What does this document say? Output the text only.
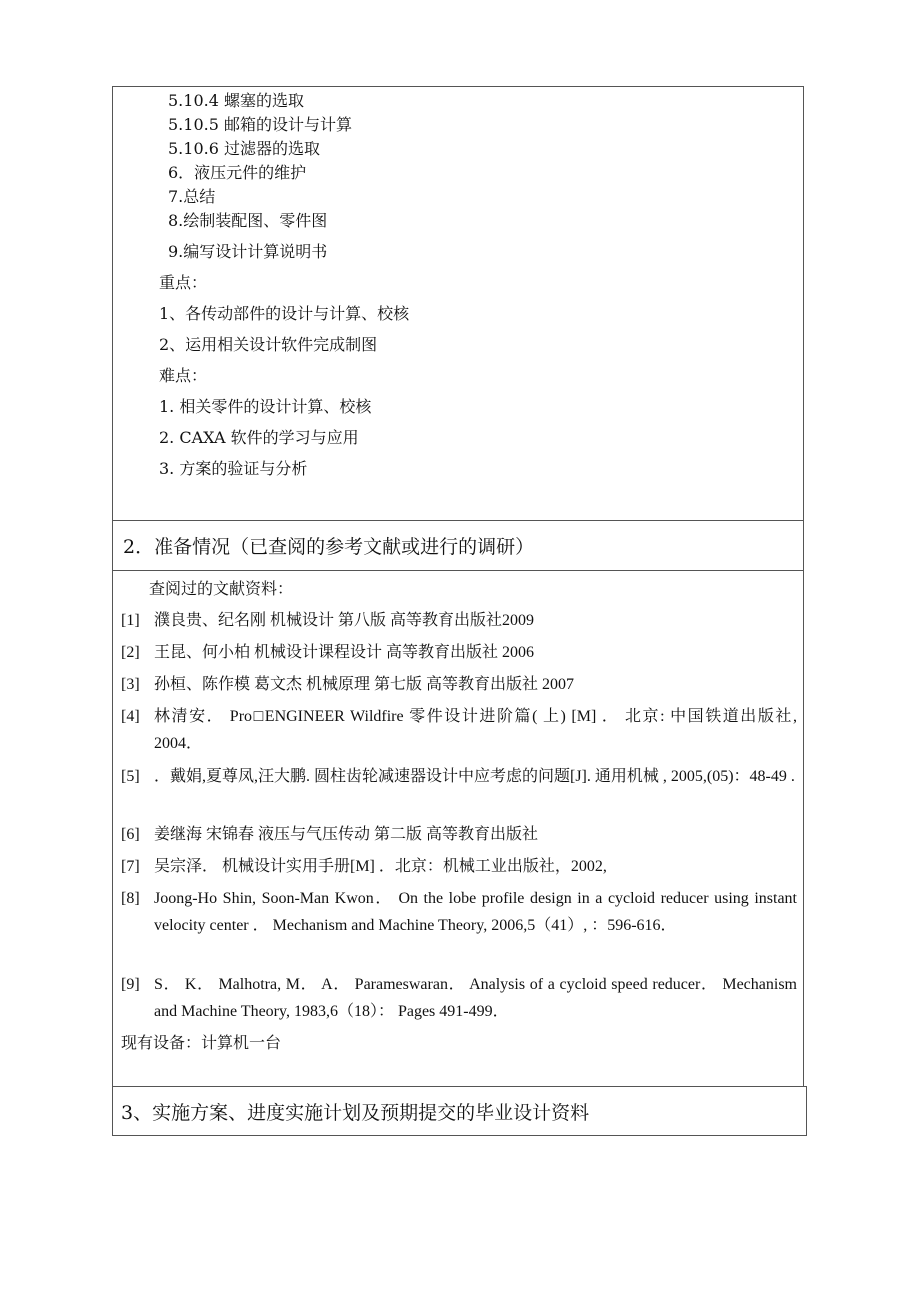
5.10.4 螺塞的选取
5.10.5 邮箱的设计与计算
5.10.6 过滤器的选取
6．液压元件的维护
7.总结
8.绘制装配图、零件图
9.编写设计计算说明书
重点：
1、各传动部件的设计与计算、校核
2、运用相关设计软件完成制图
难点：
1. 相关零件的设计计算、校核
2. CAXA 软件的学习与应用
3. 方案的验证与分析
2．准备情况（已查阅的参考文献或进行的调研）
查阅过的文献资料：
[1] 濮良贵、纪名刚 机械设计 第八版 高等教育出版社2009
[2] 王昆、何小柏 机械设计课程设计 高等教育出版社 2006
[3] 孙桓、陈作模 葛文杰 机械原理 第七版 高等教育出版社 2007
[4] 林清安． Pro□ENGINEER Wildfire 零件设计进阶篇( 上) [M] ． 北京: 中国铁道出版社, 2004．
[5] ．戴娟,夏尊凤,汪大鹏. 圆柱齿轮减速器设计中应考虑的问题[J]. 通用机械 , 2005,(05)：48-49 .
[6] 姜继海 宋锦春 液压与气压传动 第二版 高等教育出版社
[7] 吴宗泽． 机械设计实用手册[M] ．北京：机械工业出版社，2002,
[8] Joong-Ho Shin, Soon-Man Kwon． On the lobe profile design in a cycloid reducer using instant velocity center ． Mechanism and Machine Theory, 2006,5（41）, ：596-616．
[9] S． K． Malhotra, M． A． Parameswaran． Analysis of a cycloid speed reducer． Mechanism and Machine Theory, 1983,6（18）： Pages 491-499．
现有设备：计算机一台
3、实施方案、进度实施计划及预期提交的毕业设计资料
